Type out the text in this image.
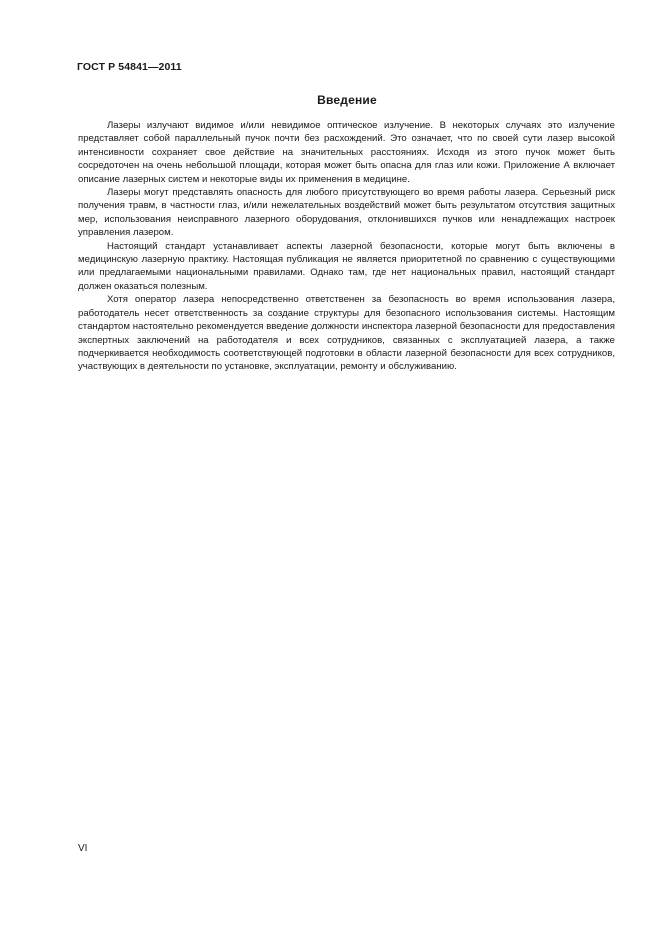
ГОСТ Р 54841—2011
Введение

Лазеры излучают видимое и/или невидимое оптическое излучение. В некоторых случаях это излучение представляет собой параллельный пучок почти без расхождений. Это означает, что по своей сути лазер высокой интенсивности сохраняет свое действие на значительных расстояниях. Исходя из этого пучок может быть сосредоточен на очень небольшой площади, которая может быть опасна для глаз или кожи. Приложение А включает описание лазерных систем и некоторые виды их применения в медицине.

Лазеры могут представлять опасность для любого присутствующего во время работы лазера. Серьезный риск получения травм, в частности глаз, и/или нежелательных воздействий может быть результатом отсутствия защитных мер, использования неисправного лазерного оборудования, отклонившихся пучков или ненадлежащих настроек управления лазером.

Настоящий стандарт устанавливает аспекты лазерной безопасности, которые могут быть включены в медицинскую лазерную практику. Настоящая публикация не является приоритетной по сравнению с существующими или предлагаемыми национальными правилами. Однако там, где нет национальных правил, настоящий стандарт должен оказаться полезным.

Хотя оператор лазера непосредственно ответственен за безопасность во время использования лазера, работодатель несет ответственность за создание структуры для безопасного использования системы. Настоящим стандартом настоятельно рекомендуется введение должности инспектора лазерной безопасности для предоставления экспертных заключений на работодателя и всех сотрудников, связанных с эксплуатацией лазера, а также подчеркивается необходимость соответствующей подготовки в области лазерной безопасности для всех сотрудников, участвующих в деятельности по установке, эксплуатации, ремонту и обслуживанию.

VI
